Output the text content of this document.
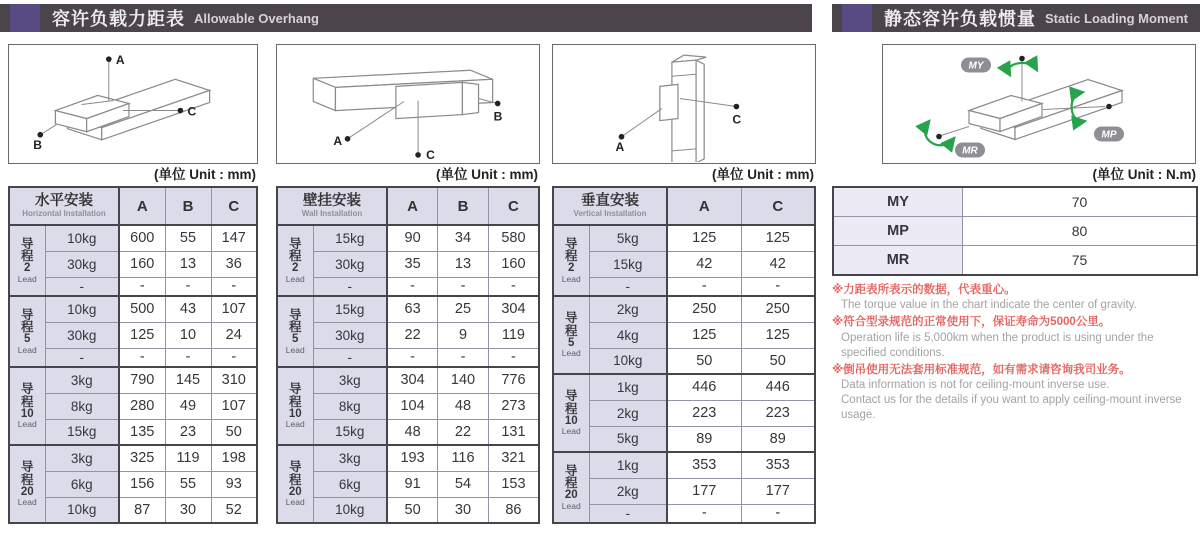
容许负载力距表 Allowable Overhang	静态容许负载惯量 Static Loading Moment
A
B
C
(单位 Unit : mm)
水平安装
Horizontal Installation		A	B	C

导
程
2
Lead	10kg	600	55	147
	30kg	160	13	36
	-	-	-	-

导
程
5
Lead	10kg	500	43	107
	30kg	125	10	24
	-	-	-	-

导
程
10
Lead	3kg	790	145	310
	8kg	280	49	107
	15kg	135	23	50

导
程
20
Lead	3kg	325	119	198
	6kg	156	55	93
	10kg	87	30	52
A
C
B
(单位 Unit : mm)
壁挂安装
Wall Installation		A	B	C

导
程
2
Lead	15kg	90	34	580
	30kg	35	13	160
	-	-	-	-

导
程
5
Lead	15kg	63	25	304
	30kg	22	9	119
	-	-	-	-

导
程
10
Lead	3kg	304	140	776
	8kg	104	48	273
	15kg	48	22	131

导
程
20
Lead	3kg	193	116	321
	6kg	91	54	153
	10kg	50	30	86
A
C
(单位 Unit : mm)
垂直安装
Vertical Installation		A	C

导
程
2
Lead	5kg	125	125
	15kg	42	42
	-	-	-

导
程
5
Lead	2kg	250	250
	4kg	125	125
	10kg	50	50

导
程
10
Lead	1kg	446	446
	2kg	223	223
	5kg	89	89

导
程
20
Lead	1kg	353	353
	2kg	177	177
	-	-	-
MY
MP
MR
(单位 Unit : N.m)
MY	70
MP	80
MR	75
※力距表所表示的数据，代表重心。
The torque value in the chart indicate the center of gravity.
※符合型录规范的正常使用下，保证寿命为5000公里。
Operation life is 5,000km when the product is using under the specified conditions.
※倒吊使用无法套用标准规范，如有需求请咨询我司业务。
Data information is not for ceiling-mount inverse use.
Contact us for the details if you want to apply ceiling-mount inverse usage.
